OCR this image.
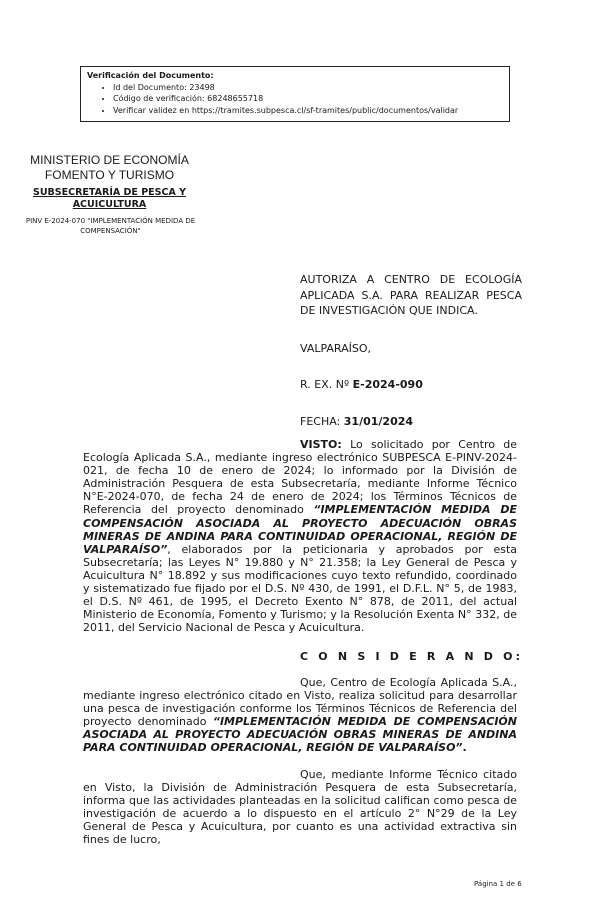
Verificación del Documento:
• Id del Documento: 23498
• Código de verificación: 68248655718
• Verificar validez en https://tramites.subpesca.cl/sf-tramites/public/documentos/validar
MINISTERIO DE ECONOMÍA
FOMENTO Y TURISMO
SUBSECRETARÍA DE PESCA Y ACUICULTURA
PINV E-2024-070 "IMPLEMENTACIÓN MEDIDA DE COMPENSACIÓN"
AUTORIZA A CENTRO DE ECOLOGÍA APLICADA S.A. PARA REALIZAR PESCA DE INVESTIGACIÓN QUE INDICA.
VALPARAÍSO,
R. EX. Nº E-2024-090
FECHA: 31/01/2024

VISTO: Lo solicitado por Centro de Ecología Aplicada S.A., mediante ingreso electrónico SUBPESCA E-PINV-2024-021, de fecha 10 de enero de 2024; lo informado por la División de Administración Pesquera de esta Subsecretaría, mediante Informe Técnico N°E-2024-070, de fecha 24 de enero de 2024; los Términos Técnicos de Referencia del proyecto denominado “IMPLEMENTACIÓN MEDIDA DE COMPENSACIÓN ASOCIADA AL PROYECTO ADECUACIÓN OBRAS MINERAS DE ANDINA PARA CONTINUIDAD OPERACIONAL, REGIÓN DE VALPARAÍSO”, elaborados por la peticionaria y aprobados por esta Subsecretaría; las Leyes N° 19.880 y N° 21.358; la Ley General de Pesca y Acuicultura N° 18.892 y sus modificaciones cuyo texto refundido, coordinado y sistematizado fue fijado por el D.S. Nº 430, de 1991, el D.F.L. N° 5, de 1983, el D.S. Nº 461, de 1995, el Decreto Exento N° 878, de 2011, del actual Ministerio de Economía, Fomento y Turismo; y la Resolución Exenta N° 332, de 2011, del Servicio Nacional de Pesca y Acuicultura.

C O N S I D E R A N D O:

Que, Centro de Ecología Aplicada S.A., mediante ingreso electrónico citado en Visto, realiza solicitud para desarrollar una pesca de investigación conforme los Términos Técnicos de Referencia del proyecto denominado “IMPLEMENTACIÓN MEDIDA DE COMPENSACIÓN ASOCIADA AL PROYECTO ADECUACIÓN OBRAS MINERAS DE ANDINA PARA CONTINUIDAD OPERACIONAL, REGIÓN DE VALPARAÍSO”.

Que, mediante Informe Técnico citado en Visto, la División de Administración Pesquera de esta Subsecretaría, informa que las actividades planteadas en la solicitud califican como pesca de investigación de acuerdo a lo dispuesto en el artículo 2° N°29 de la Ley General de Pesca y Acuicultura, por cuanto es una actividad extractiva sin fines de lucro,

Página 1 de 6
